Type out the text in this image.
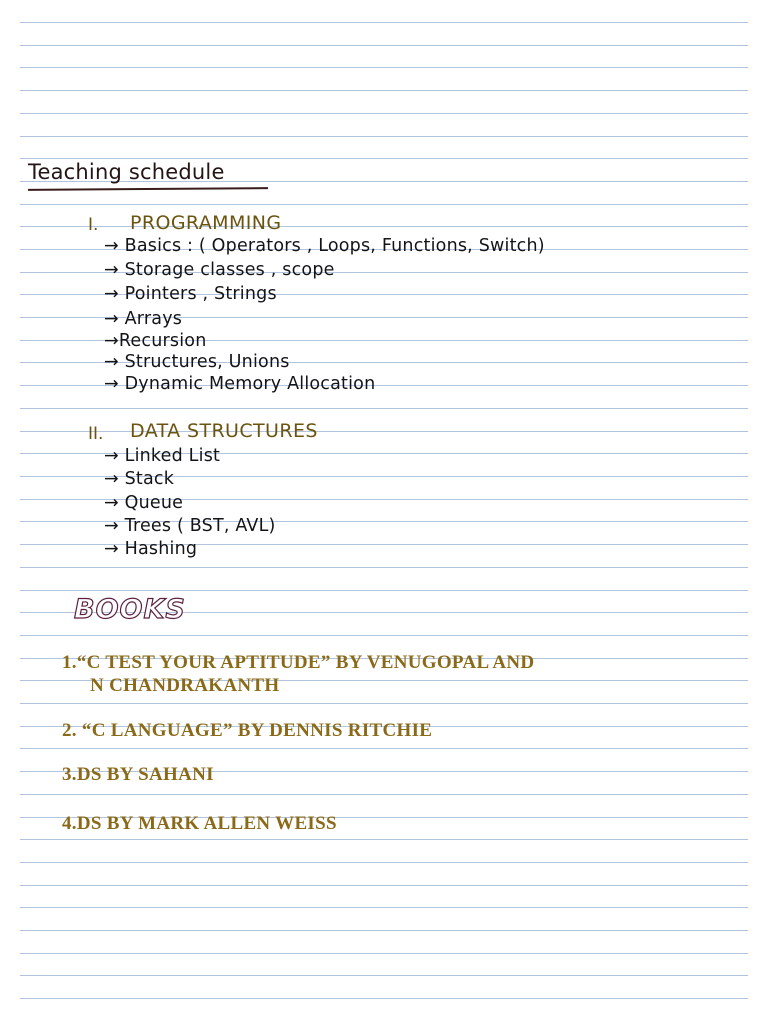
Teaching schedule
I. PROGRAMMING
→ Basics : ( Operators , Loops, Functions, Switch)
→ Storage classes , scope
→ Pointers , Strings
→ Arrays
→Recursion
→ Structures, Unions
→ Dynamic Memory Allocation
II. DATA STRUCTURES
→ Linked List
→ Stack
→ Queue
→ Trees ( BST, AVL)
→ Hashing
BOOKS
1.“C TEST YOUR APTITUDE” BY VENUGOPAL AND
N CHANDRAKANTH
2. “C LANGUAGE” BY DENNIS RITCHIE
3.DS BY SAHANI
4.DS BY MARK ALLEN WEISS
